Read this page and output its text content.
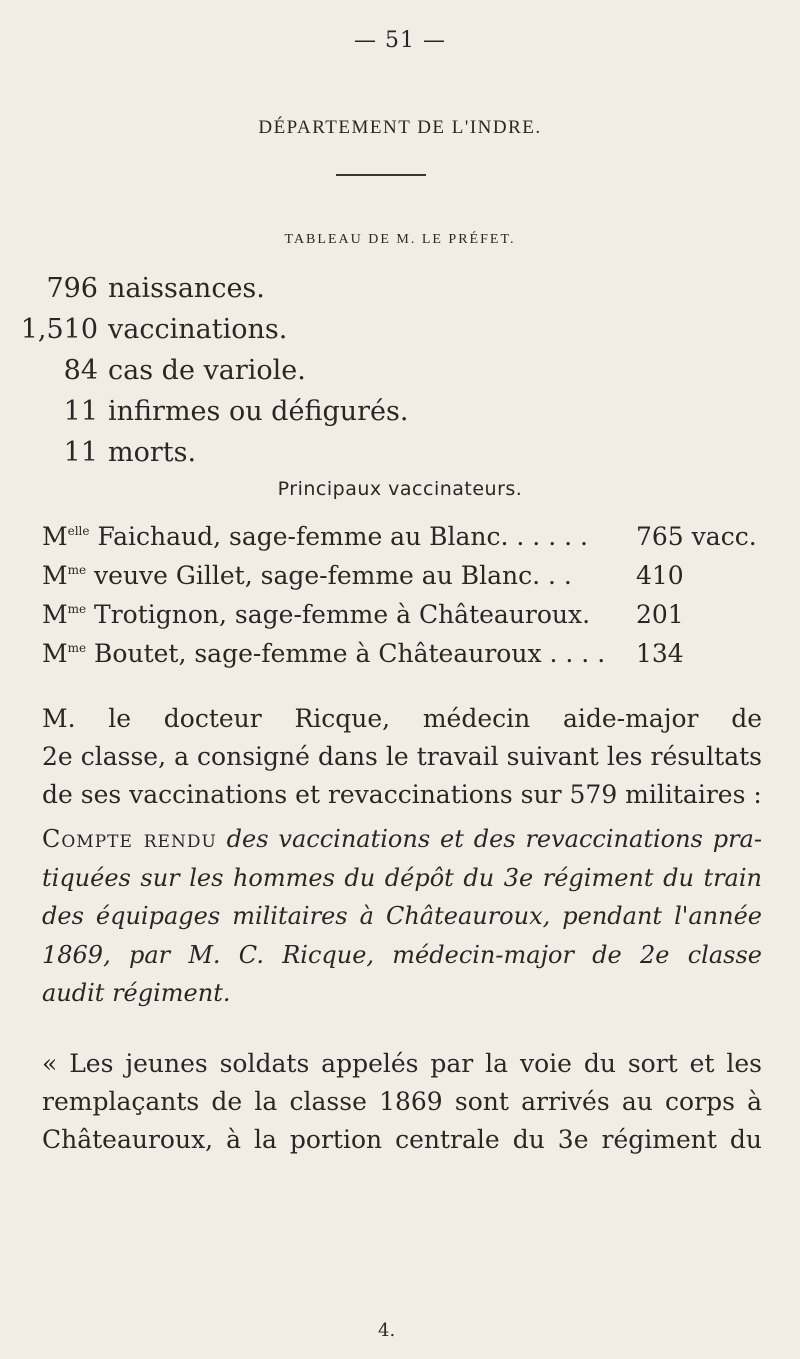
— 51 —
DÉPARTEMENT DE L'INDRE.
TABLEAU DE M. LE PRÉFET.
796 naissances.
1,510 vaccinations.
84 cas de variole.
11 infirmes ou défigurés.
11 morts.
Principaux vaccinateurs.
$M^{elle}$ Faichaud, sage-femme au Blanc. . . . . . 765 vacc.
$M^{me}$ veuve Gillet, sage-femme au Blanc. . .	410
$M^{me}$ Trotignon, sage-femme à Châteauroux. 201
$M^{me}$ Boutet, sage-femme à Châteauroux . . . . 134
M. le docteur Ricque, médecin aide-major de
2e classe, a consigné dans le travail suivant les résultats
de ses vaccinations et revaccinations sur 579 militaires :
Compte rendu des vaccinations et des revaccinations pra-
tiquées sur les hommes du dépôt du 3e régiment du train
des équipages militaires à Châteauroux, pendant l'année
1869, par M. C. Ricque, médecin-major de 2e classe
audit régiment.
« Les jeunes soldats appelés par la voie du sort et les
remplaçants de la classe 1869 sont arrivés au corps à
Châteauroux, à la portion centrale du 3e régiment du
4.
